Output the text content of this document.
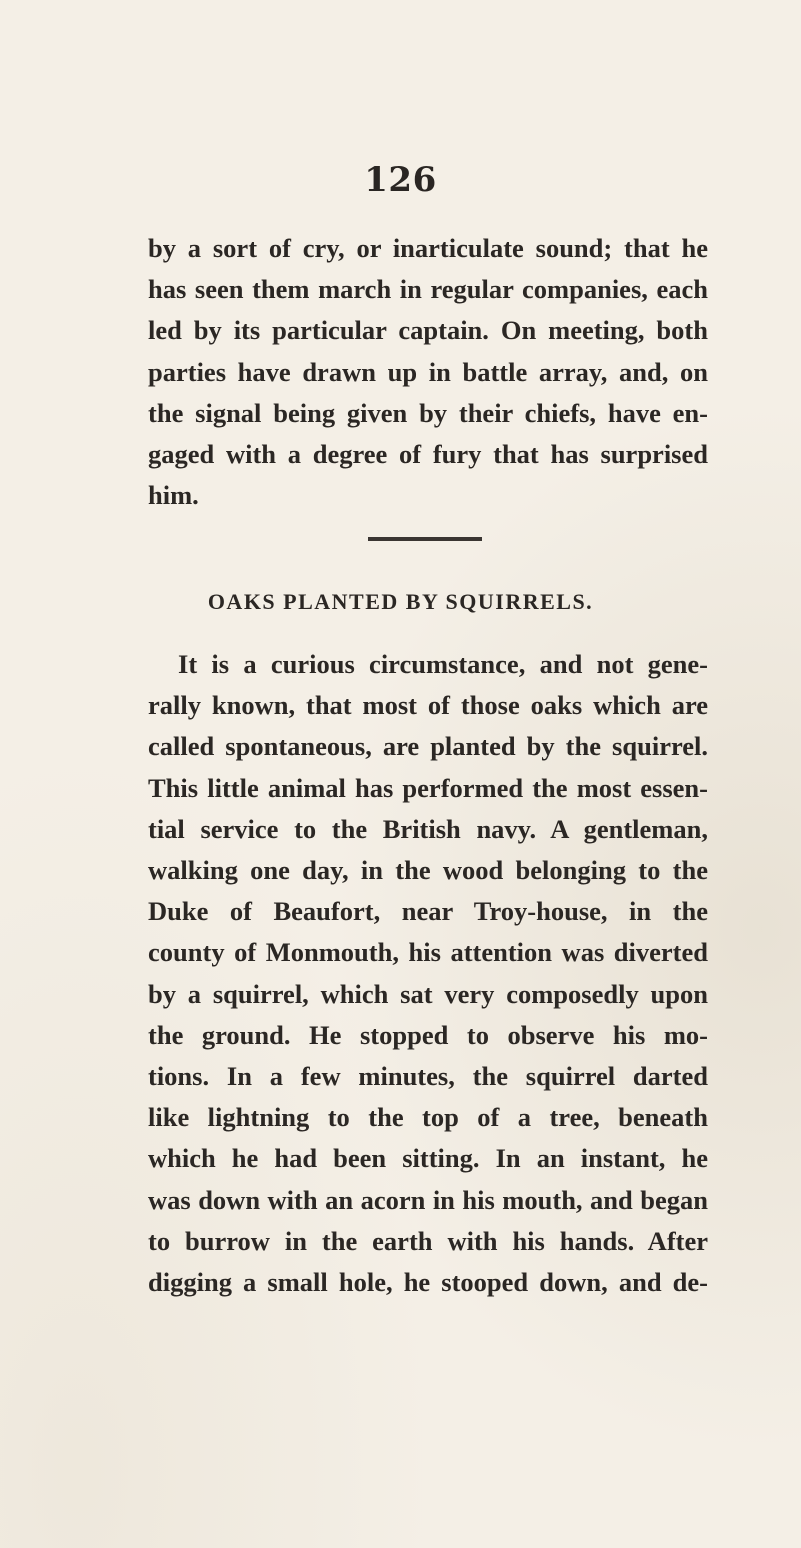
126
by a sort of cry, or inarticulate sound; that he
has seen them march in regular companies, each
led by its particular captain. On meeting, both
parties have drawn up in battle array, and, on
the signal being given by their chiefs, have en-
gaged with a degree of fury that has surprised
him.
OAKS PLANTED BY SQUIRRELS.
It is a curious circumstance, and not gene-
rally known, that most of those oaks which are
called spontaneous, are planted by the squirrel.
This little animal has performed the most essen-
tial service to the British navy. A gentleman,
walking one day, in the wood belonging to the
Duke of Beaufort, near Troy-house, in the
county of Monmouth, his attention was diverted
by a squirrel, which sat very composedly upon
the ground. He stopped to observe his mo-
tions. In a few minutes, the squirrel darted
like lightning to the top of a tree, beneath
which he had been sitting. In an instant, he
was down with an acorn in his mouth, and began
to burrow in the earth with his hands. After
digging a small hole, he stooped down, and de-
